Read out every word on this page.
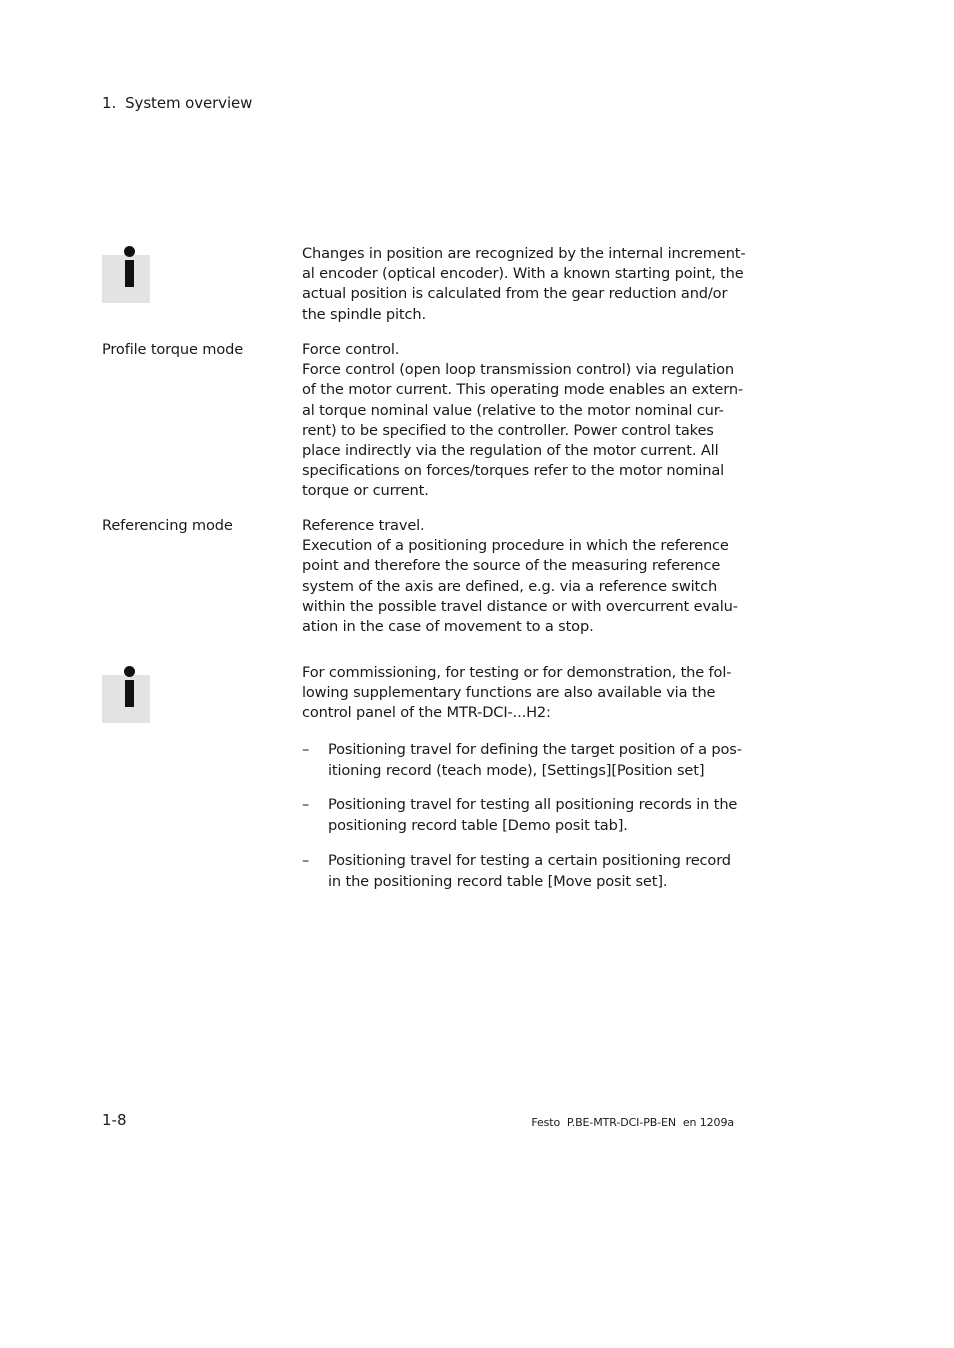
1. System overview
Changes in position are recognized by the internal increment-
al encoder (optical encoder). With a known starting point, the
actual position is calculated from the gear reduction and/or
the spindle pitch.
Profile torque mode	Force control.
Force control (open loop transmission control) via regulation
of the motor current. This operating mode enables an extern-
al torque nominal value (relative to the motor nominal cur-
rent) to be specified to the controller. Power control takes
place indirectly via the regulation of the motor current. All
specifications on forces/torques refer to the motor nominal
torque or current.
Referencing mode	Reference travel.
Execution of a positioning procedure in which the reference
point and therefore the source of the measuring reference
system of the axis are defined, e.g. via a reference switch
within the possible travel distance or with overcurrent evalu-
ation in the case of movement to a stop.
For commissioning, for testing or for demonstration, the fol-
lowing supplementary functions are also available via the
control panel of the MTR-DCI-...H2:
– Positioning travel for defining the target position of a pos-
itioning record (teach mode), [Settings][Position set]
– Positioning travel for testing all positioning records in the
positioning record table [Demo posit tab].
– Positioning travel for testing a certain positioning record
in the positioning record table [Move posit set].
1-8	Festo  P.BE-MTR-DCI-PB-EN  en 1209a
